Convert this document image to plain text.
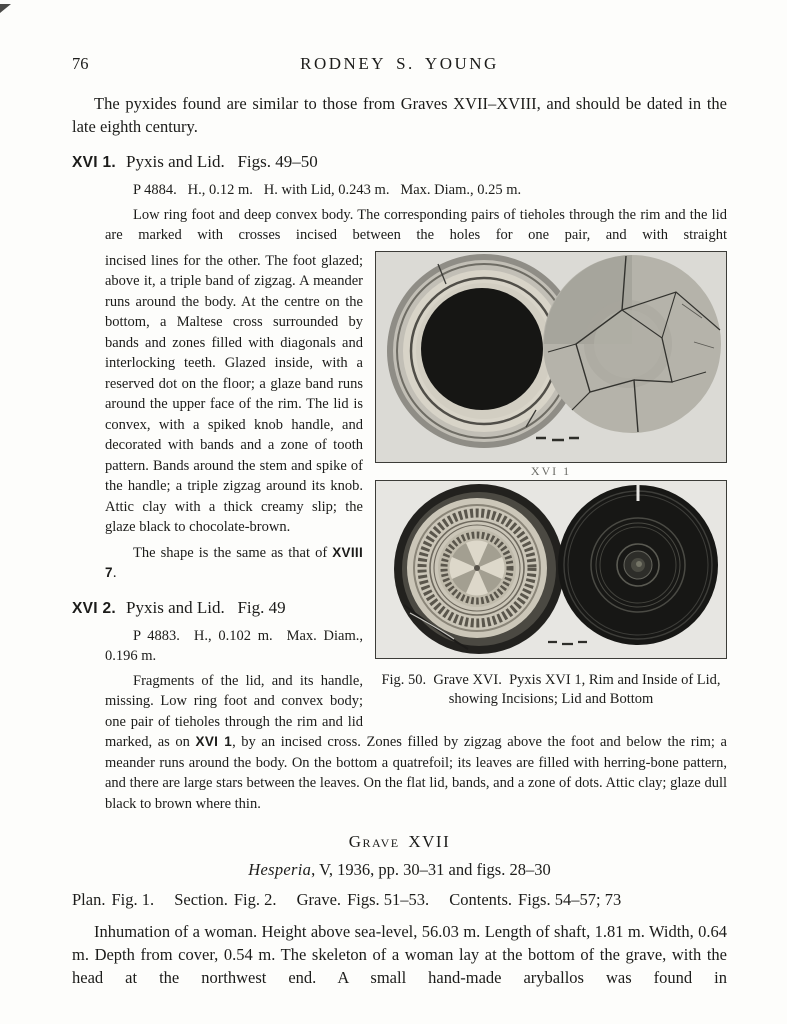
76	RODNEY S. YOUNG

The pyxides found are similar to those from Graves XVII–XVIII, and should be dated in the late eighth century.

XVI 1. Pyxis and Lid.  Figs. 49–50

P 4884.  H., 0.12 m.  H. with Lid, 0.243 m.  Max. Diam., 0.25 m.

Low ring foot and deep convex body. The corresponding pairs of tieholes through the rim and the lid are marked with crosses incised between the holes for one pair, and with straight

XVI 1
Fig. 50. Grave XVI. Pyxis XVI 1, Rim and Inside of Lid,
showing Incisions; Lid and Bottom

incised lines for the other. The foot glazed; above it, a triple band of zigzag. A meander runs around the body. At the centre on the bottom, a Maltese cross surrounded by bands and zones filled with diagonals and interlocking teeth. Glazed inside, with a reserved dot on the floor; a glaze band runs around the upper face of the rim. The lid is convex, with a spiked knob handle, and decorated with bands and a zone of tooth pattern. Bands around the stem and spike of the handle; a triple zigzag around its knob. Attic clay with a thick creamy slip; the glaze black to chocolate-brown.

The shape is the same as that of XVIII 7.

XVI 2. Pyxis and Lid.  Fig. 49

P 4883.  H., 0.102 m.  Max. Diam., 0.196 m.

Fragments of the lid, and its handle, missing. Low ring foot and convex body; one pair of tieholes through the rim and lid marked, as on XVI 1, by an incised cross. Zones filled by zigzag above the foot and below the rim; a meander runs around the body. On the bottom a quatrefoil; its leaves are filled with herring-bone pattern, and there are large stars between the leaves. On the flat lid, bands, and a zone of dots. Attic clay; glaze dull black to brown where thin.

Grave XVII

Hesperia, V, 1936, pp. 30–31 and figs. 28–30

Plan. Fig. 1. Section. Fig. 2. Grave. Figs. 51–53. Contents. Figs. 54–57; 73

Inhumation of a woman. Height above sea-level, 56.03 m. Length of shaft, 1.81 m. Width, 0.64 m. Depth from cover, 0.54 m. The skeleton of a woman lay at the bottom of the grave, with the head at the northwest end. A small hand-made aryballos was found in
